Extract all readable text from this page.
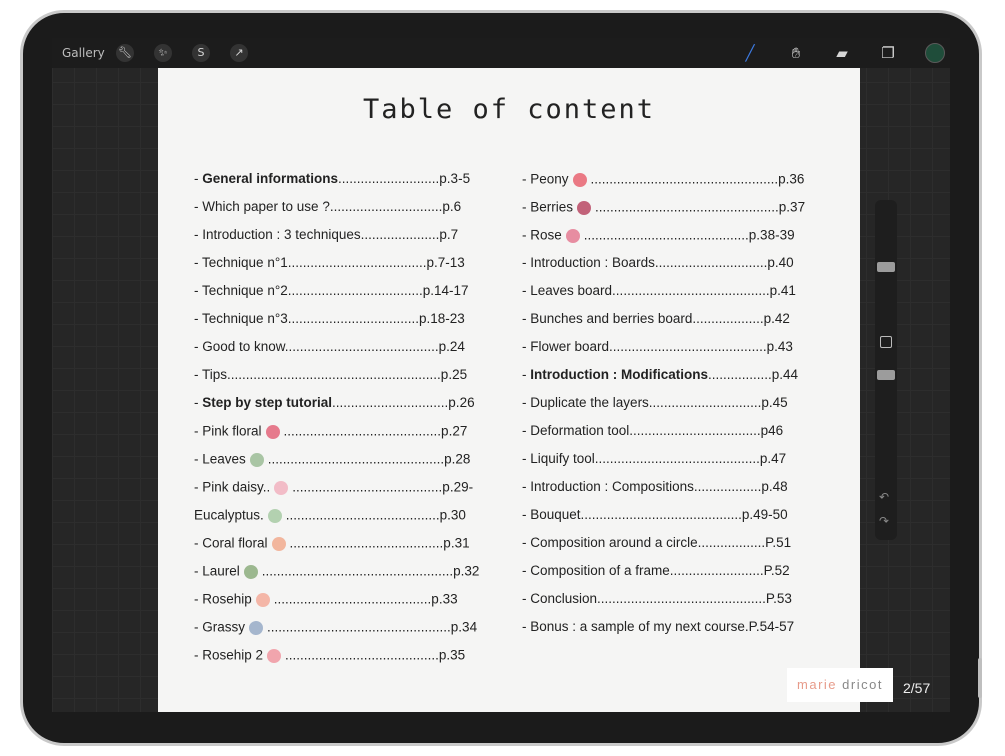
Gallery 🔧︎	✨︎	S	↗	╱	✋︎	▰	❐
Table of content
- General informations...........................p.3-5
- Which paper to use ?..............................p.6
- Introduction : 3 techniques.....................p.7
- Technique n°1.....................................p.7-13
- Technique n°2....................................p.14-17
- Technique n°3...................................p.18-23
- Good to know.........................................p.24
- Tips.........................................................p.25
- Step by step tutorial...............................p.26
- Pink floral ..........................................p.27
- Leaves ...............................................p.28
- Pink daisy.. ........................................p.29-
Eucalyptus. .........................................p.30
- Coral floral .........................................p.31
- Laurel ...................................................p.32
- Rosehip ..........................................p.33
- Grassy .................................................p.34
- Rosehip 2 .........................................p.35
- Peony ..................................................p.36
- Berries .................................................p.37
- Rose ............................................p.38-39
- Introduction : Boards..............................p.40
- Leaves board..........................................p.41
- Bunches and berries board...................p.42
- Flower board..........................................p.43
- Introduction : Modifications.................p.44
- Duplicate the layers..............................p.45
- Deformation tool...................................p46
- Liquify tool............................................p.47
- Introduction : Compositions..................p.48
- Bouquet...........................................p.49-50
- Composition around a circle..................P.51
- Composition of a frame.........................P.52
- Conclusion.............................................P.53
- Bonus : a sample of my next course.P.54-57
↶
↷
marie dricot	2/57
